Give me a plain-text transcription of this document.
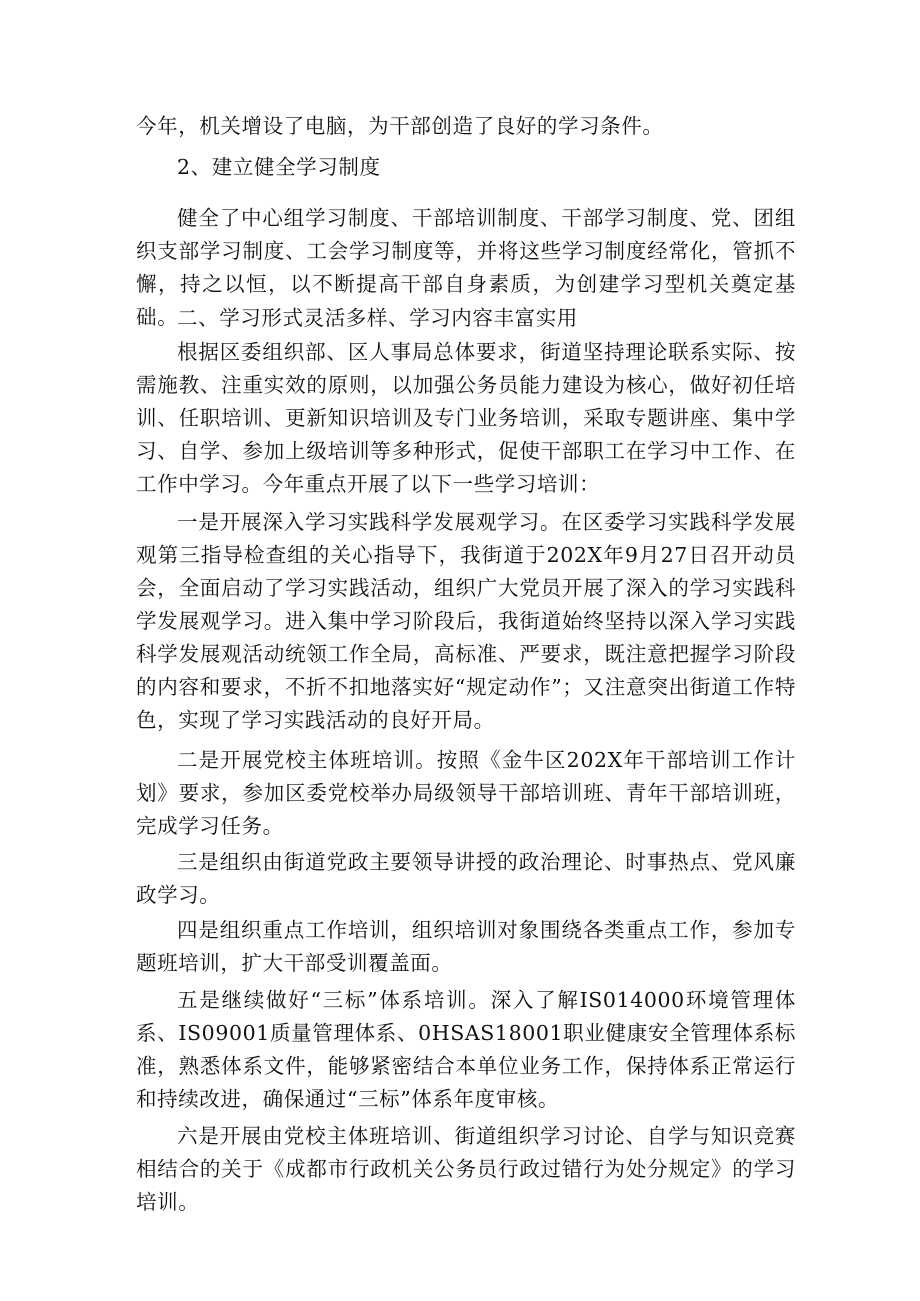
今年，机关增设了电脑，为干部创造了良好的学习条件。

2、建立健全学习制度

健全了中心组学习制度、干部培训制度、干部学习制度、党、团组织支部学习制度、工会学习制度等，并将这些学习制度经常化，管抓不懈，持之以恒，以不断提高干部自身素质，为创建学习型机关奠定基础。

二、学习形式灵活多样、学习内容丰富实用

根据区委组织部、区人事局总体要求，街道坚持理论联系实际、按需施教、注重实效的原则，以加强公务员能力建设为核心，做好初任培训、任职培训、更新知识培训及专门业务培训，采取专题讲座、集中学习、自学、参加上级培训等多种形式，促使干部职工在学习中工作、在工作中学习。今年重点开展了以下一些学习培训：

一是开展深入学习实践科学发展观学习。在区委学习实践科学发展观第三指导检查组的关心指导下，我街道于202X年9月27日召开动员会，全面启动了学习实践活动，组织广大党员开展了深入的学习实践科学发展观学习。进入集中学习阶段后，我街道始终坚持以深入学习实践科学发展观活动统领工作全局，高标准、严要求，既注意把握学习阶段的内容和要求，不折不扣地落实好“规定动作”；又注意突出街道工作特色，实现了学习实践活动的良好开局。

二是开展党校主体班培训。按照《金牛区202X年干部培训工作计划》要求，参加区委党校举办局级领导干部培训班、青年干部培训班，完成学习任务。

三是组织由街道党政主要领导讲授的政治理论、时事热点、党风廉政学习。

四是组织重点工作培训，组织培训对象围绕各类重点工作，参加专题班培训，扩大干部受训覆盖面。

五是继续做好“三标”体系培训。深入了解IS014000环境管理体系、IS09001质量管理体系、0HSAS18001职业健康安全管理体系标准，熟悉体系文件，能够紧密结合本单位业务工作，保持体系正常运行和持续改进，确保通过“三标”体系年度审核。

六是开展由党校主体班培训、街道组织学习讨论、自学与知识竞赛相结合的关于《成都市行政机关公务员行政过错行为处分规定》的学习培训。
